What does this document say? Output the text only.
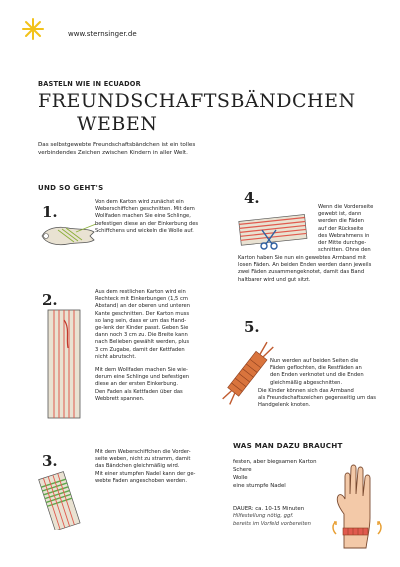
www.sternsinger.de
BASTELN WIE IN ECUADOR
FREUNDSCHAFTSBÄNDCHEN
WEBEN
Das selbstgewebte Freundschaftsbändchen ist ein tolles
verbindendes Zeichen zwischen Kindern in aller Welt.
UND SO GEHT'S
1.
Von dem Karton wird zunächst ein
Weberschiffchen geschnitten. Mit dem
Wollfaden machen Sie eine Schlinge,
befestigen diese an der Einkerbung des
Schiffchens und wickeln die Wolle auf.
2.	Aus dem restlichen Karton wird ein
Rechteck mit Einkerbungen (1,5 cm
Abstand) an der oberen und unteren
Kante geschnitten. Der Karton muss
so lang sein, dass er um das Hand-
ge-lenk der Kinder passt. Geben Sie
dann noch 3 cm zu. Die Breite kann
nach Belieben gewählt werden, plus
3 cm Zugabe, damit der Kettfaden
nicht abrutscht.
Mit dem Wollfaden machen Sie wie-
derum eine Schlinge und befestigen
diese an der ersten Einkerbung.
Den Faden als Kettfaden über das
Webbrett spannen.
3.	Mit dem Weberschiffchen die Vorder-
seite weben, nicht zu stramm, damit
das Bändchen gleichmäßig wird.
Mit einer stumpfen Nadel kann der ge-
webte Faden angeschoben werden.
4.	Wenn die Vorderseite
gewebt ist, dann
werden die Fäden
auf der Rückseite
des Webrahmens in
der Mitte durchge-
schnitten. Ohne den
Karton haben Sie nun ein gewebtes Armband mit
losen Fäden. An beiden Enden werden dann jeweils
zwei Fäden zusammengeknotet, damit das Band
haltbarer wird und gut sitzt.
5.
Nun werden auf beiden Seiten die
Fäden geflochten, die Restfäden an
den Enden verknotet und die Enden
gleichmäßig abgeschnitten.
Die Kinder können sich das Armband
als Freundschaftszeichen gegenseitig um das
Handgelenk knoten.
WAS MAN DAZU BRAUCHT
festen, aber biegsamen Karton
Schere
Wolle
eine stumpfe Nadel
DAUER: ca. 10-15 Minuten
Hilfestellung nötig, ggf.
bereits im Vorfeld vorbereiten
